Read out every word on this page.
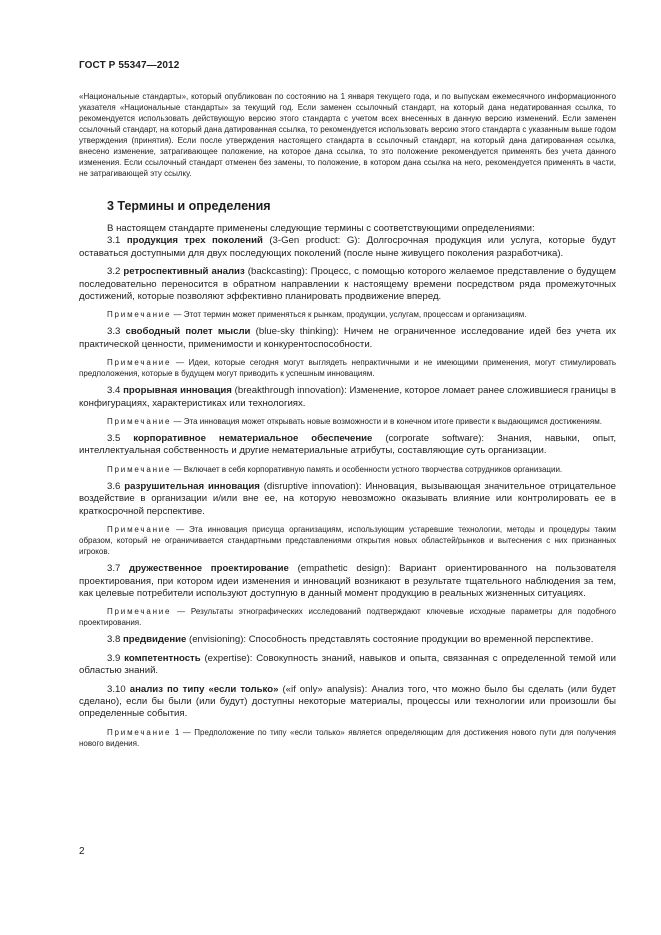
ГОСТ Р 55347—2012

«Национальные стандарты», который опубликован по состоянию на 1 января текущего года, и по выпускам ежемесячного информационного указателя «Национальные стандарты» за текущий год. Если заменен ссылочный стандарт, на который дана недатированная ссылка, то рекомендуется использовать действующую версию этого стандарта с учетом всех внесенных в данную версию изменений. Если заменен ссылочный стандарт, на который дана датированная ссылка, то рекомендуется использовать версию этого стандарта с указанным выше годом утверждения (принятия). Если после утверждения настоящего стандарта в ссылочный стандарт, на который дана датированная ссылка, внесено изменение, затрагивающее положение, на которое дана ссылка, то это положение рекомендуется применять без учета данного изменения. Если ссылочный стандарт отменен без замены, то положение, в котором дана ссылка на него, рекомендуется применять в части, не затрагивающей эту ссылку.

3 Термины и определения

В настоящем стандарте применены следующие термины с соответствующими определениями:

3.1 продукция трех поколений (3-Gen product: G): Долгосрочная продукция или услуга, которые будут оставаться доступными для двух последующих поколений (после ныне живущего поколения разработчика).

3.2 ретроспективный анализ (backcasting): Процесс, с помощью которого желаемое представление о будущем последовательно переносится в обратном направлении к настоящему времени посредством ряда промежуточных достижений, которые позволяют эффективно планировать продвижение вперед.

Примечание — Этот термин может применяться к рынкам, продукции, услугам, процессам и организациям.

3.3 свободный полет мысли (blue-sky thinking): Ничем не ограниченное исследование идей без учета их практической ценности, применимости и конкурентоспособности.

Примечание — Идеи, которые сегодня могут выглядеть непрактичными и не имеющими применения, могут стимулировать предположения, которые в будущем могут приводить к успешным инновациям.

3.4 прорывная инновация (breakthrough innovation): Изменение, которое ломает ранее сложившиеся границы в конфигурациях, характеристиках или технологиях.

Примечание — Эта инновация может открывать новые возможности и в конечном итоге привести к выдающимся достижениям.

3.5 корпоративное нематериальное обеспечение (corporate software): Знания, навыки, опыт, интеллектуальная собственность и другие нематериальные атрибуты, составляющие суть организации.

Примечание — Включает в себя корпоративную память и особенности устного творчества сотрудников организации.

3.6 разрушительная инновация (disruptive innovation): Инновация, вызывающая значительное отрицательное воздействие в организации и/или вне ее, на которую невозможно оказывать влияние или контролировать ее в краткосрочной перспективе.

Примечание — Эта инновация присуща организациям, использующим устаревшие технологии, методы и процедуры таким образом, который не ограничивается стандартными представлениями открытия новых областей/рынков и вытеснения с них признанных игроков.

3.7 дружественное проектирование (empathetic design): Вариант ориентированного на пользователя проектирования, при котором идеи изменения и инноваций возникают в результате тщательного наблюдения за тем, как целевые потребители используют доступную в данный момент продукцию в реальных жизненных ситуациях.

Примечание — Результаты этнографических исследований подтверждают ключевые исходные параметры для подобного проектирования.

3.8 предвидение (envisioning): Способность представлять состояние продукции во временной перспективе.

3.9 компетентность (expertise): Совокупность знаний, навыков и опыта, связанная с определенной темой или областью знаний.

3.10 анализ по типу «если только» («if only» analysis): Анализ того, что можно было бы сделать (или будет сделано), если бы были (или будут) доступны некоторые материалы, процессы или технологии или произошли бы определенные события.

Примечание 1 — Предположение по типу «если только» является определяющим для достижения нового пути для получения нового видения.

2
